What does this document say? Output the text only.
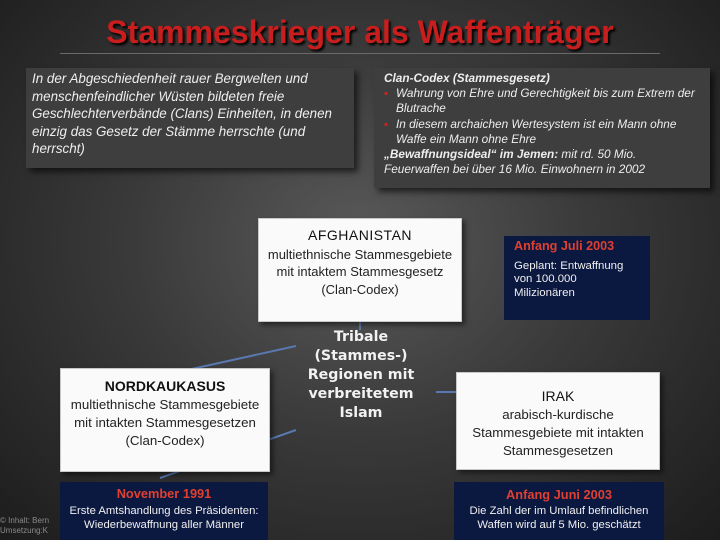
Stammeskrieger als Waffenträger
In der Abgeschiedenheit rauer Bergwelten und menschenfeindlicher Wüsten bildeten freie Geschlechterverbände (Clans) Einheiten, in denen einzig das Gesetz der Stämme herrschte (und herrscht)
Clan-Codex (Stammesgesetz)
▪ Wahrung von Ehre und Gerechtigkeit bis zum Extrem der Blutrache
▪ In diesem archaichen Wertesystem ist ein Mann ohne Waffe ein Mann ohne Ehre
„Bewaffnungsideal“ im Jemen: mit rd. 50 Mio. Feuerwaffen bei über 16 Mio. Einwohnern in 2002
AFGHANISTAN
multiethnische Stammesgebiete mit intaktem Stammesgesetz (Clan-Codex)
Tribale (Stammes-) Regionen mit verbreitetem Islam
NORDKAUKASUS
multiethnische Stammesgebiete mit intakten Stammesgesetzen (Clan-Codex)
IRAK
arabisch-kurdische Stammesgebiete mit intakten Stammesgesetzen
Anfang Juli 2003
Geplant: Entwaffnung von 100.000 Milizionären
Anfang Juni 2003
Die Zahl der im Umlauf befindlichen Waffen wird auf 5 Mio. geschätzt
November 1991
Erste Amtshandlung des Präsidenten: Wiederbewaffnung aller Männer
© Inhalt: Bern
Umsetzung:K
